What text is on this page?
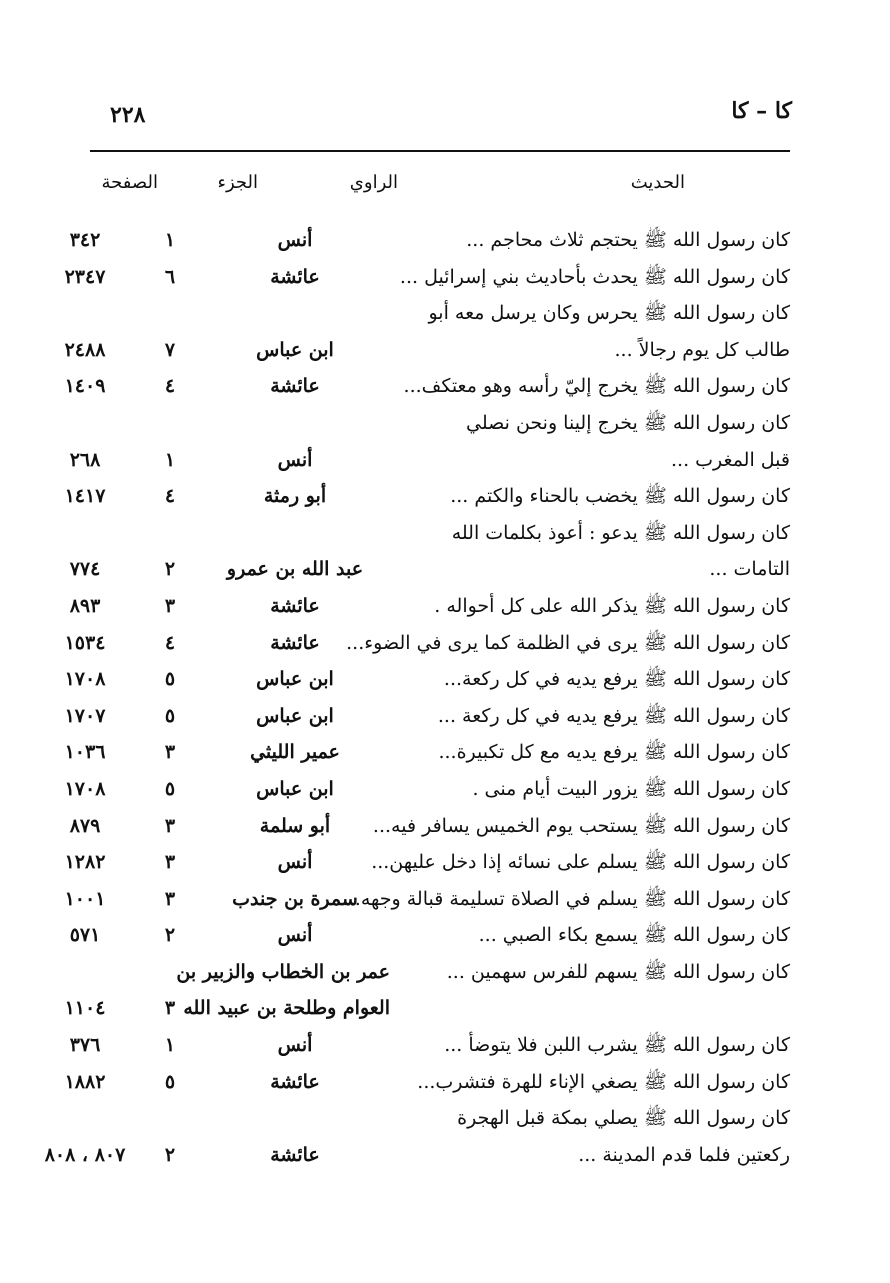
٢٢٨	كا – كا
الحديث
الراوي
الجزء
الصفحة
كان رسول الله ﷺ يحتجم ثلاث محاجم ...
أنس
١
٣٤٢
كان رسول الله ﷺ يحدث بأحاديث بني إسرائيل ...
عائشة
٦
٢٣٤٧
كان رسول الله ﷺ يحرس وكان يرسل معه أبو
طالب كل يوم رجالاً ...
ابن عباس
٧
٢٤٨٨
كان رسول الله ﷺ يخرج إليّ رأسه وهو معتكف...
عائشة
٤
١٤٠٩
كان رسول الله ﷺ يخرج إلينا ونحن نصلي
قبل المغرب ...
أنس
١
٢٦٨
كان رسول الله ﷺ يخضب بالحناء والكتم ...
أبو رمثة
٤
١٤١٧
كان رسول الله ﷺ يدعو : أعوذ بكلمات الله
التامات ...
عبد الله بن عمرو
٢
٧٧٤
كان رسول الله ﷺ يذكر الله على كل أحواله .
عائشة
٣
٨٩٣
كان رسول الله ﷺ يرى في الظلمة كما يرى في الضوء...
عائشة
٤
١٥٣٤
كان رسول الله ﷺ يرفع يديه في كل ركعة...
ابن عباس
٥
١٧٠٨
كان رسول الله ﷺ يرفع يديه في كل ركعة ...
ابن عباس
٥
١٧٠٧
كان رسول الله ﷺ يرفع يديه مع كل تكبيرة...
عمير الليثي
٣
١٠٣٦
كان رسول الله ﷺ يزور البيت أيام منى .
ابن عباس
٥
١٧٠٨
كان رسول الله ﷺ يستحب يوم الخميس يسافر فيه...
أبو سلمة
٣
٨٧٩
كان رسول الله ﷺ يسلم على نسائه إذا دخل عليهن...
أنس
٣
١٢٨٢
كان رسول الله ﷺ يسلم في الصلاة تسليمة قبالة وجهه...
سمرة بن جندب
٣
١٠٠١
كان رسول الله ﷺ يسمع بكاء الصبي ...
أنس
٢
٥٧١
كان رسول الله ﷺ يسهم للفرس سهمين ...
عمر بن الخطاب والزبير بن
العوام وطلحة بن عبيد الله
٣
١١٠٤
كان رسول الله ﷺ يشرب اللبن فلا يتوضأ ...
أنس
١
٣٧٦
كان رسول الله ﷺ يصغي الإناء للهرة فتشرب...
عائشة
٥
١٨٨٢
كان رسول الله ﷺ يصلي بمكة قبل الهجرة
ركعتين فلما قدم المدينة ...
عائشة
٢
٨٠٧ ، ٨٠٨
